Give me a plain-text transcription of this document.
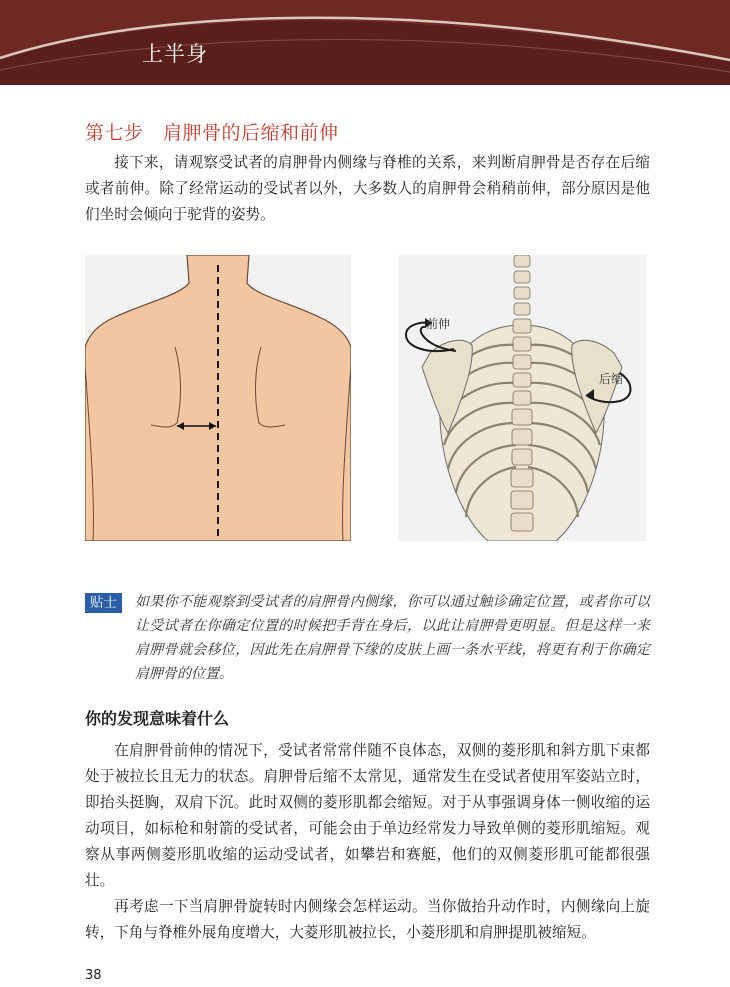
上半身
第七步　肩胛骨的后缩和前伸
接下来，请观察受试者的肩胛骨内侧缘与脊椎的关系，来判断肩胛骨是否存在后缩或者前伸。除了经常运动的受试者以外，大多数人的肩胛骨会稍稍前伸，部分原因是他们坐时会倾向于驼背的姿势。
前伸
后缩
贴士	如果你不能观察到受试者的肩胛骨内侧缘，你可以通过触诊确定位置，或者你可以让受试者在你确定位置的时候把手背在身后，以此让肩胛骨更明显。但是这样一来肩胛骨就会移位，因此先在肩胛骨下缘的皮肤上画一条水平线，将更有利于你确定肩胛骨的位置。
你的发现意味着什么
在肩胛骨前伸的情况下，受试者常常伴随不良体态，双侧的菱形肌和斜方肌下束都处于被拉长且无力的状态。肩胛骨后缩不太常见，通常发生在受试者使用军姿站立时，即抬头挺胸，双肩下沉。此时双侧的菱形肌都会缩短。对于从事强调身体一侧收缩的运动项目，如标枪和射箭的受试者，可能会由于单边经常发力导致单侧的菱形肌缩短。观察从事两侧菱形肌收缩的运动受试者，如攀岩和赛艇，他们的双侧菱形肌可能都很强壮。
再考虑一下当肩胛骨旋转时内侧缘会怎样运动。当你做抬升动作时，内侧缘向上旋转，下角与脊椎外展角度增大，大菱形肌被拉长，小菱形肌和肩胛提肌被缩短。
38
